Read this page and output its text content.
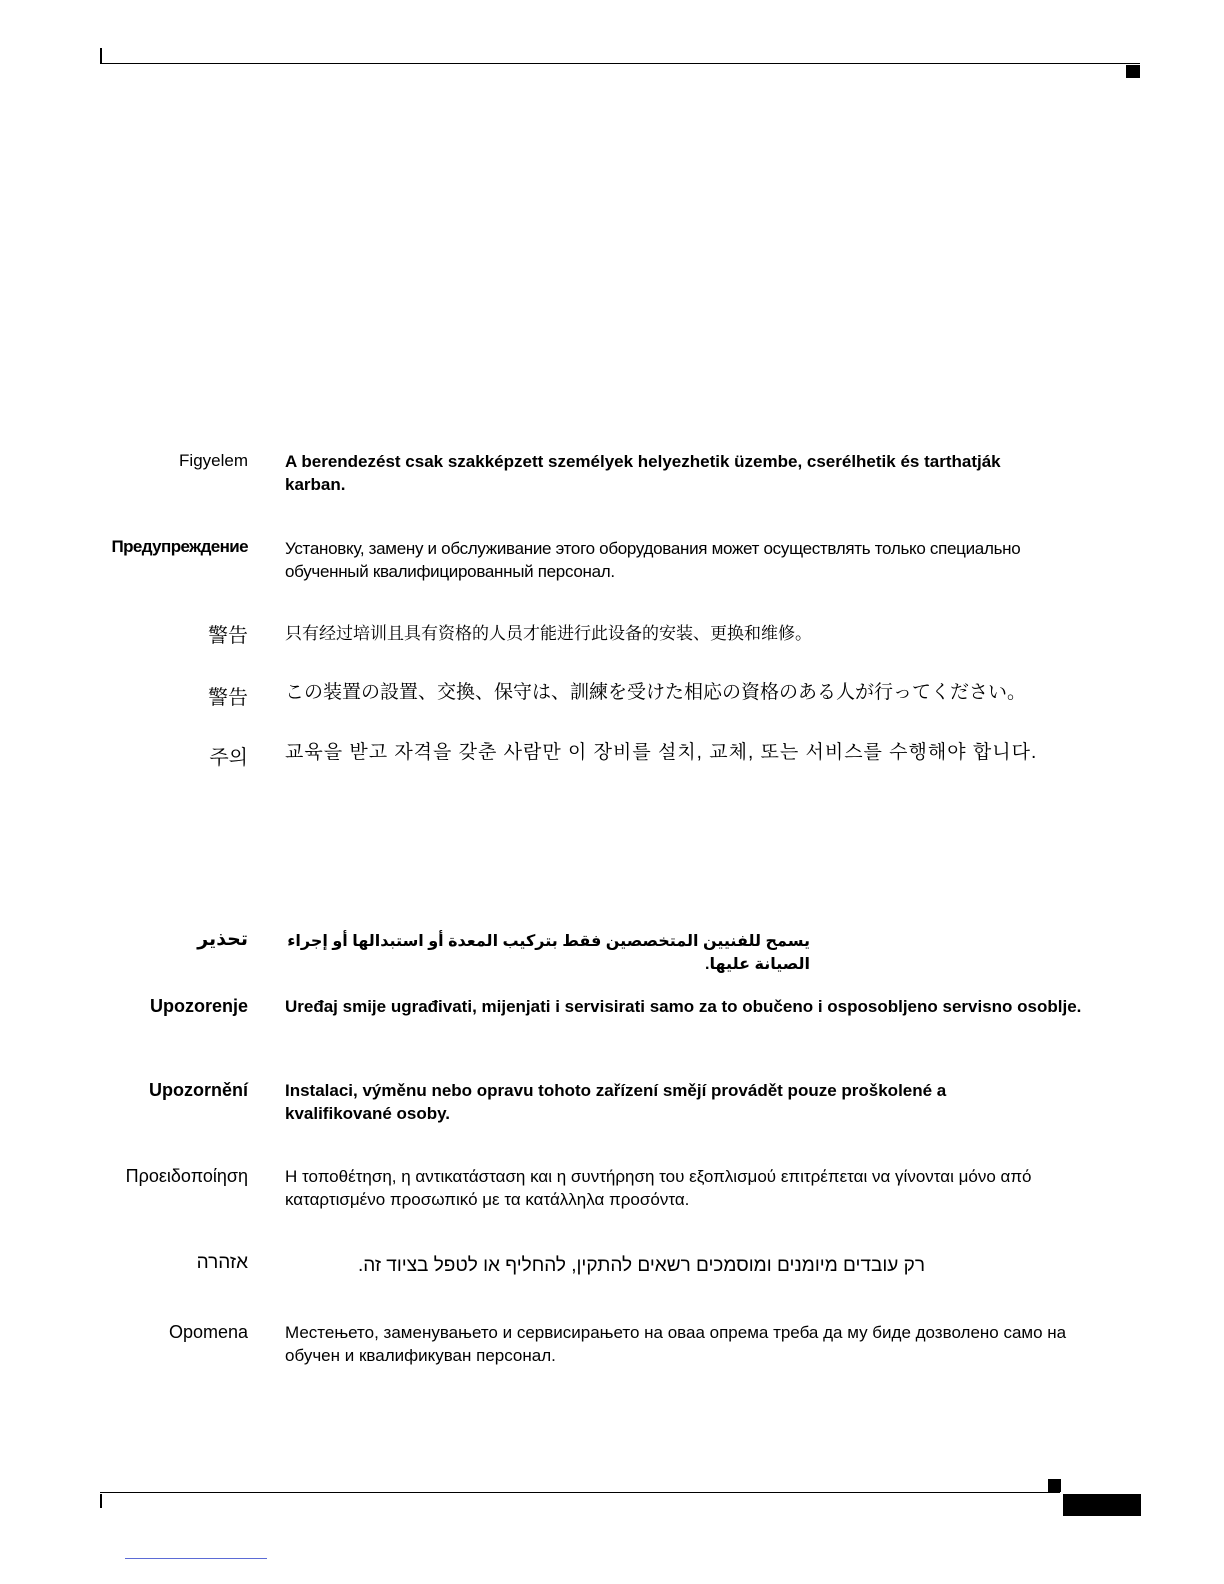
Figyelem A berendezést csak szakképzett személyek helyezhetik üzembe, cserélhetik és tarthatják karban.
Предупреждение Установку, замену и обслуживание этого оборудования может осуществлять только специально обученный квалифицированный персонал.
警告 只有经过培训且具有资格的人员才能进行此设备的安装、更换和维修。
警告 この装置の設置、交換、保守は、訓練を受けた相応の資格のある人が行ってください。
주의 교육을 받고 자격을 갖춘 사람만 이 장비를 설치, 교체, 또는 서비스를 수행해야 합니다.
تحذير يسمح للفنيين المتخصصين فقط بتركيب المعدة أو استبدالها أو إجراء الصيانة عليها.
Upozorenje Uređaj smije ugrađivati, mijenjati i servisirati samo za to obučeno i osposobljeno servisno osoblje.
Upozornění Instalaci, výměnu nebo opravu tohoto zařízení smějí provádět pouze proškolené a kvalifikované osoby.
Προειδοποίηση Η τοποθέτηση, η αντικατάσταση και η συντήρηση του εξοπλισμού επιτρέπεται να γίνονται μόνο από καταρτισμένο προσωπικό με τα κατάλληλα προσόντα.
אזהרה	רק עובדים מיומנים ומוסמכים רשאים להתקין, להחליף או לטפל בציוד זה.
Opomena Местењето, заменувањето и сервисирањето на оваа опрема треба да му биде дозволено само на обучен и квалификуван персонал.
